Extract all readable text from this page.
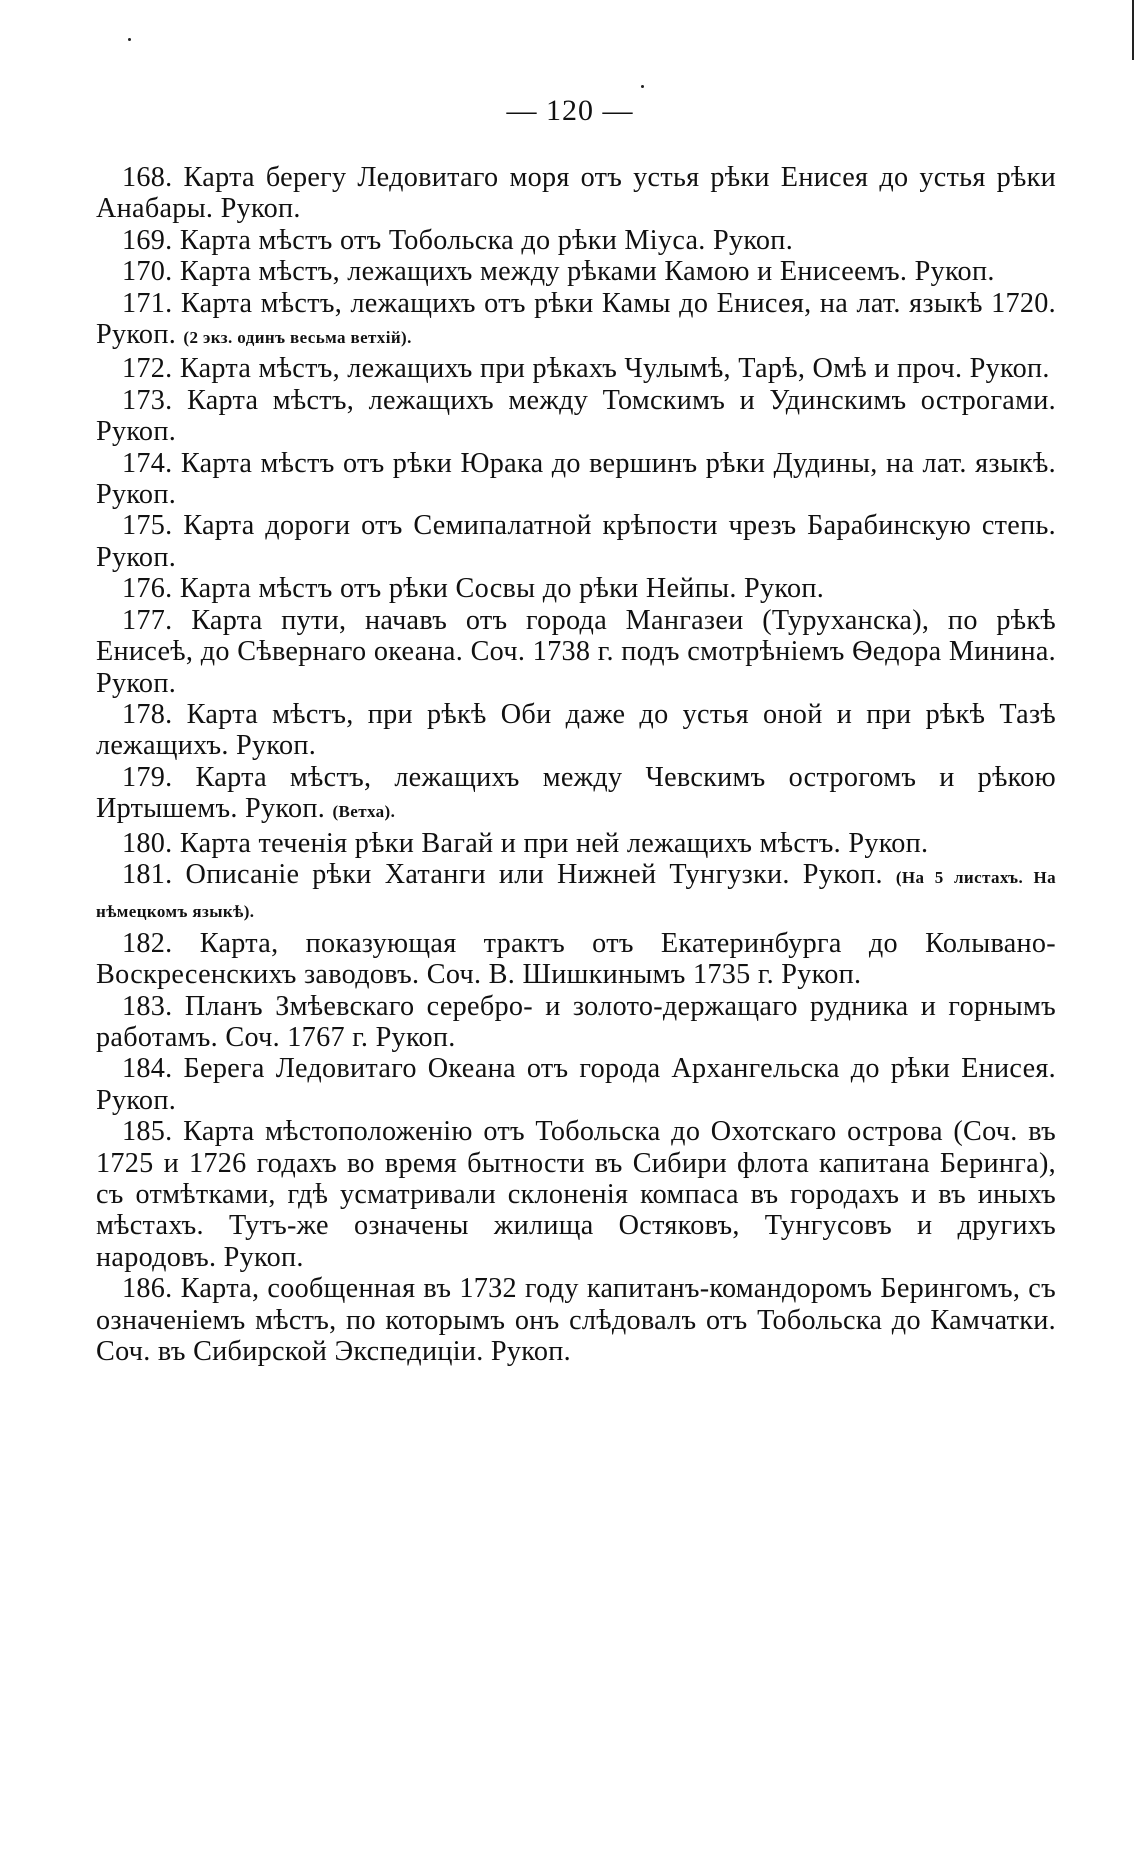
— 120 —

168. Карта берегу Ледовитаго моря отъ устья рѣки Енисея до устья рѣки Анабары. Рукоп.

169. Карта мѣстъ отъ Тобольска до рѣки Міуса. Рукоп.

170. Карта мѣстъ, лежащихъ между рѣками Камою и Енисеемъ. Рукоп.

171. Карта мѣстъ, лежащихъ отъ рѣки Камы до Енисея, на лат. языкѣ 1720. Рукоп. (2 экз. одинъ весьма ветхій).

172. Карта мѣстъ, лежащихъ при рѣкахъ Чулымѣ, Тарѣ, Омѣ и проч. Рукоп.

173. Карта мѣстъ, лежащихъ между Томскимъ и Удинскимъ острогами. Рукоп.

174. Карта мѣстъ отъ рѣки Юрака до вершинъ рѣки Дудины, на лат. языкѣ. Рукоп.

175. Карта дороги отъ Семипалатной крѣпости чрезъ Барабинскую степь. Рукоп.

176. Карта мѣстъ отъ рѣки Сосвы до рѣки Нейпы. Рукоп.

177. Карта пути, начавъ отъ города Мангазеи (Туруханска), по рѣкѣ Енисеѣ, до Сѣвернаго океана. Соч. 1738 г. подъ смотрѣніемъ Ѳедора Минина. Рукоп.

178. Карта мѣстъ, при рѣкѣ Оби даже до устья оной и при рѣкѣ Тазѣ лежащихъ. Рукоп.

179. Карта мѣстъ, лежащихъ между Чевскимъ острогомъ и рѣкою Иртышемъ. Рукоп. (Ветха).

180. Карта теченія рѣки Вагай и при ней лежащихъ мѣстъ. Рукоп.

181. Описаніе рѣки Хатанги или Нижней Тунгузки. Рукоп. (На 5 листахъ. На нѣмецкомъ языкѣ).

182. Карта, показующая трактъ отъ Екатеринбурга до Колывано-Воскресенскихъ заводовъ. Соч. В. Шишкинымъ 1735 г. Рукоп.

183. Планъ Змѣевскаго серебро- и золото-держащаго рудника и горнымъ работамъ. Соч. 1767 г. Рукоп.

184. Берега Ледовитаго Океана отъ города Архангельска до рѣки Енисея. Рукоп.

185. Карта мѣстоположенію отъ Тобольска до Охотскаго острова (Соч. въ 1725 и 1726 годахъ во время бытности въ Сибири флота капитана Беринга), съ отмѣтками, гдѣ усматривали склоненія компаса въ городахъ и въ иныхъ мѣстахъ. Тутъ-же означены жилища Остяковъ, Тунгусовъ и другихъ народовъ. Рукоп.

186. Карта, сообщенная въ 1732 году капитанъ-командоромъ Берингомъ, съ означеніемъ мѣстъ, по которымъ онъ слѣдовалъ отъ Тобольска до Камчатки. Соч. въ Сибирской Экспедиціи. Рукоп.
